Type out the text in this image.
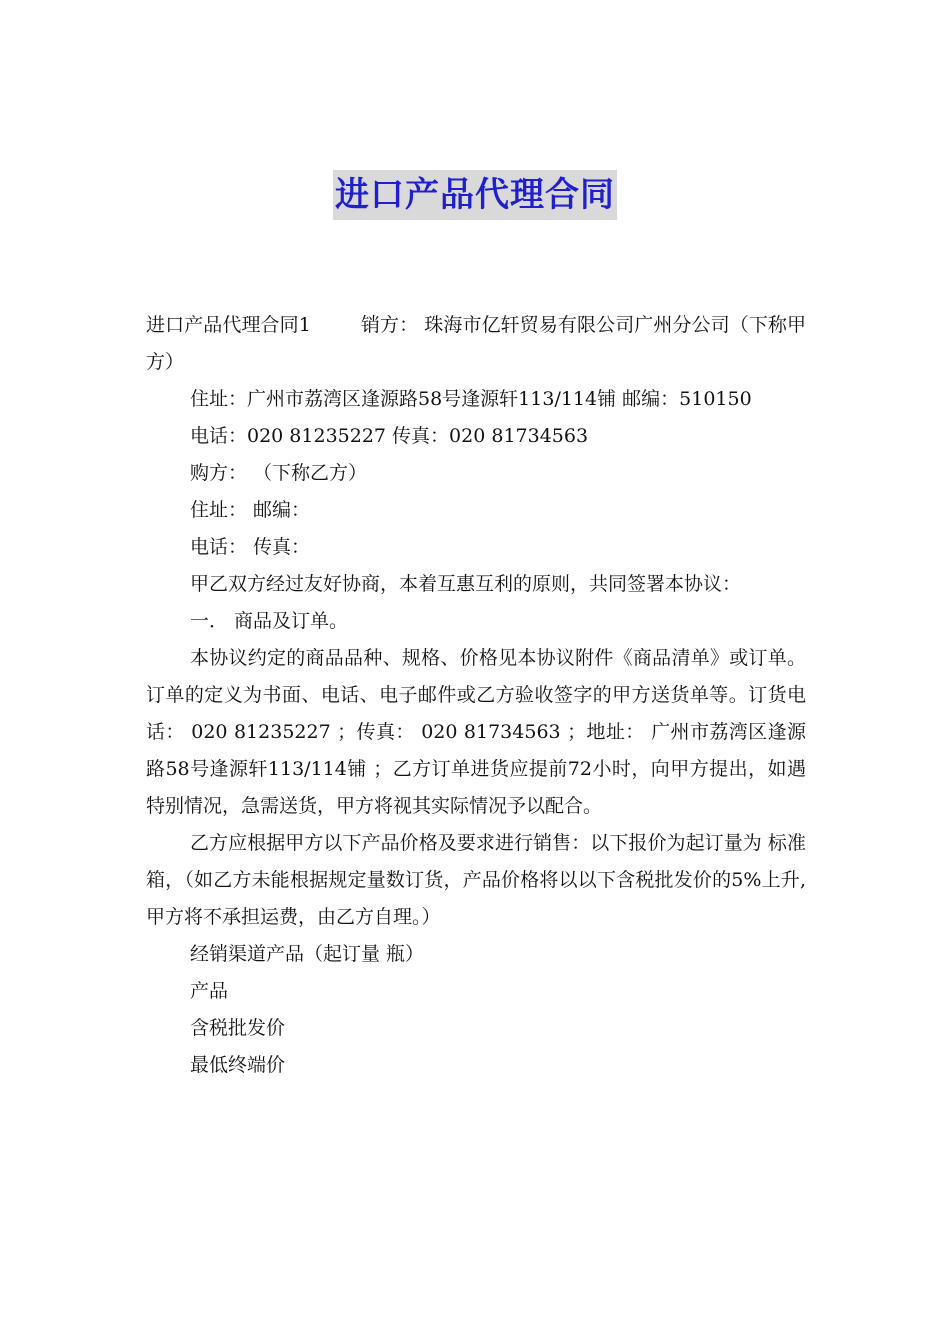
进口产品代理合同

进口产品代理合同1	销方： 珠海市亿轩贸易有限公司广州分公司（下称甲方）

住址：广州市荔湾区逢源路58号逢源轩113/114铺 邮编：510150

电话：020 81235227 传真：020 81734563

购方： （下称乙方）

住址： 邮编：

电话： 传真：

甲乙双方经过友好协商，本着互惠互利的原则，共同签署本协议：

一． 商品及订单。

本协议约定的商品品种、规格、价格见本协议附件《商品清单》或订单。订单的定义为书面、电话、电子邮件或乙方验收签字的甲方送货单等。订货电话： 020 81235227 ；传真： 020 81734563 ；地址： 广州市荔湾区逢源路58号逢源轩113/114铺 ；乙方订单进货应提前72小时，向甲方提出，如遇特别情况，急需送货，甲方将视其实际情况予以配合。

乙方应根据甲方以下产品价格及要求进行销售：以下报价为起订量为 标准箱，（如乙方未能根据规定量数订货，产品价格将以以下含税批发价的5%上升,甲方将不承担运费，由乙方自理。）

经销渠道产品（起订量 瓶）

产品

含税批发价

最低终端价
